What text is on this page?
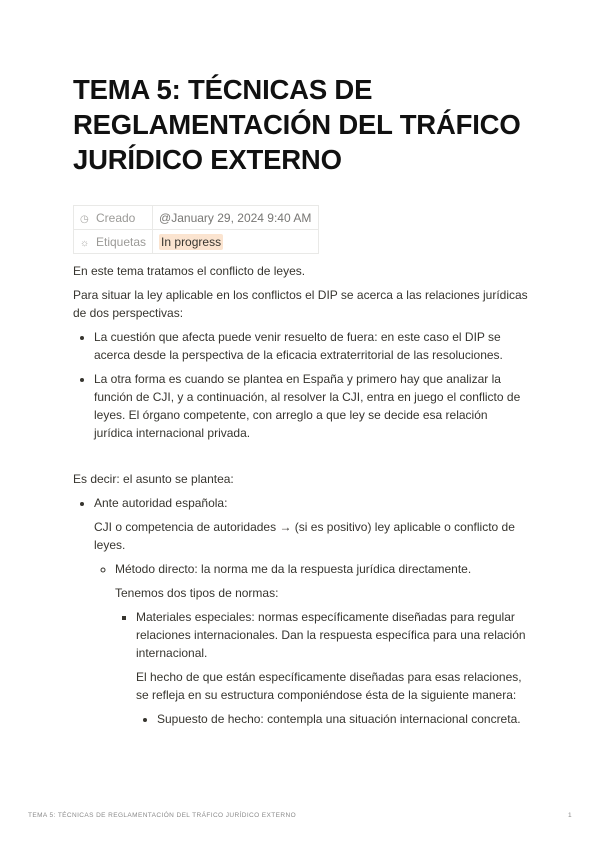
TEMA 5: TÉCNICAS DE REGLAMENTACIÓN DEL TRÁFICO JURÍDICO EXTERNO
◷ Creado	@January 29, 2024 9:40 AM
☼ Etiquetas	In progress

En este tema tratamos el conflicto de leyes.

Para situar la ley aplicable en los conflictos el DIP se acerca a las relaciones jurídicas de dos perspectivas:

• La cuestión que afecta puede venir resuelto de fuera: en este caso el DIP se acerca desde la perspectiva de la eficacia extraterritorial de las resoluciones.
• La otra forma es cuando se plantea en España y primero hay que analizar la función de CJI, y a continuación, al resolver la CJI, entra en juego el conflicto de leyes. El órgano competente, con arreglo a que ley se decide esa relación jurídica internacional privada.

Es decir: el asunto se plantea:

• Ante autoridad española:

CJI o competencia de autoridades → (si es positivo) ley aplicable o conflicto de leyes.

◦ Método directo: la norma me da la respuesta jurídica directamente.

Tenemos dos tipos de normas:

▪ Materiales especiales: normas específicamente diseñadas para regular relaciones internacionales. Dan la respuesta específica para una relación internacional.

El hecho de que están específicamente diseñadas para esas relaciones, se refleja en su estructura componiéndose ésta de la siguiente manera:

• Supuesto de hecho: contempla una situación internacional concreta.
TEMA 5: TÉCNICAS DE REGLAMENTACIÓN DEL TRÁFICO JURÍDICO EXTERNO	1
